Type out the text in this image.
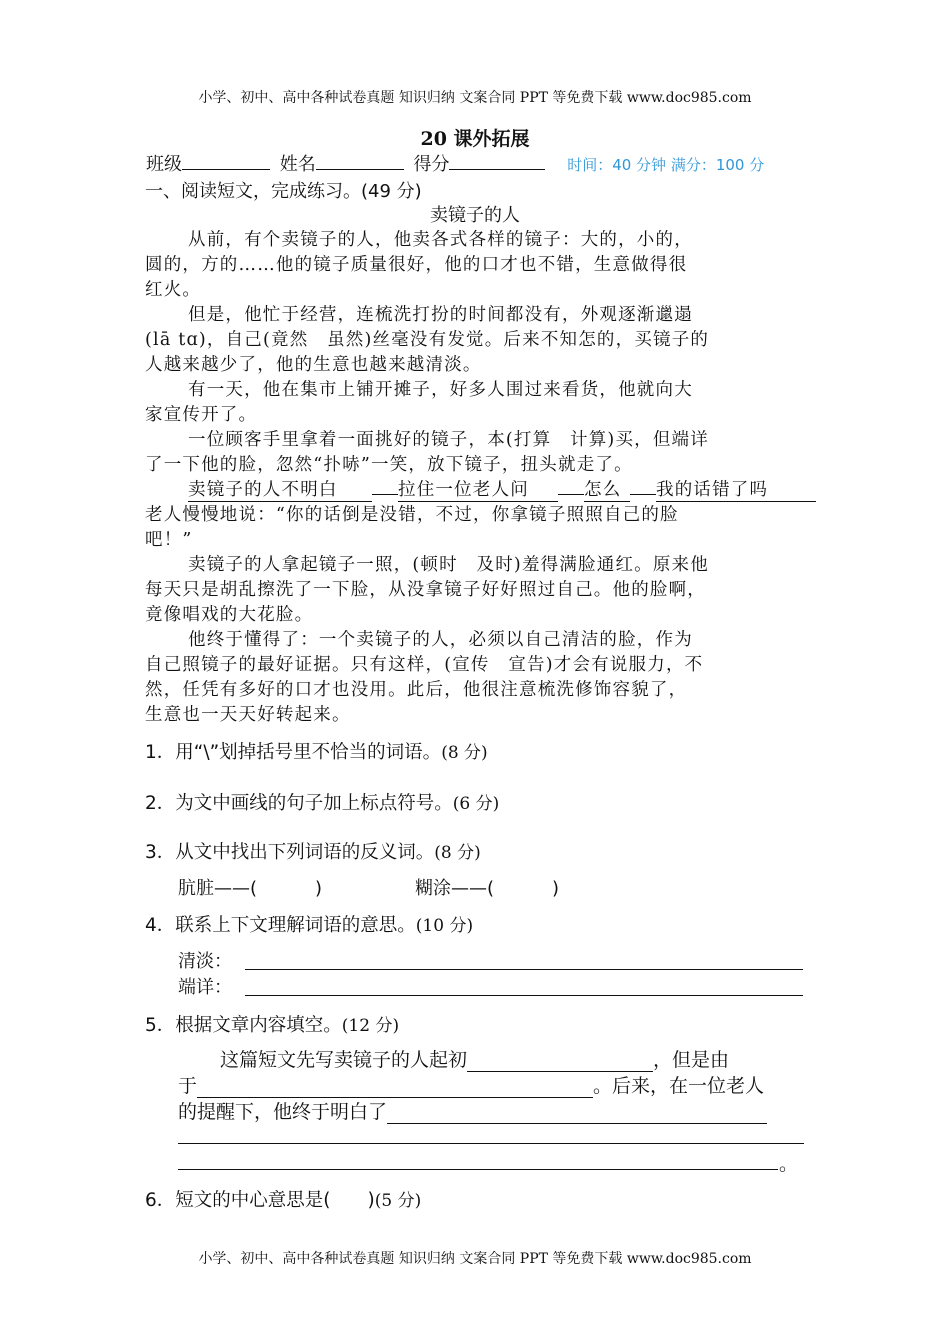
小学、初中、高中各种试卷真题 知识归纳 文案合同 PPT 等免费下载 www.doc985.com
20 课外拓展
班级	姓名	得分	时间：40 分钟 满分：100 分
一、阅读短文，完成练习。(49 分)
卖镜子的人
从前，有个卖镜子的人，他卖各式各样的镜子：大的，小的，
圆的，方的……他的镜子质量很好，他的口才也不错，生意做得很
红火。
但是，他忙于经营，连梳洗打扮的时间都没有，外观逐渐邋遢
(lā tɑ)，自己(竟然　虽然)丝毫没有发觉。后来不知怎的，买镜子的
人越来越少了，他的生意也越来越清淡。
有一天，他在集市上铺开摊子，好多人围过来看货，他就向大
家宣传开了。
一位顾客手里拿着一面挑好的镜子，本(打算　计算)买，但端详
了一下他的脸，忽然“扑哧”一笑，放下镜子，扭头就走了。
卖镜子的人不明白	拉住一位老人问	怎么 我的话错了吗
老人慢慢地说：“你的话倒是没错，不过，你拿镜子照照自己的脸
吧！”
卖镜子的人拿起镜子一照，(顿时　及时)羞得满脸通红。原来他
每天只是胡乱擦洗了一下脸，从没拿镜子好好照过自己。他的脸啊，
竟像唱戏的大花脸。
他终于懂得了：一个卖镜子的人，必须以自己清洁的脸，作为
自己照镜子的最好证据。只有这样，(宣传　宣告)才会有说服力，不
然，任凭有多好的口才也没用。此后，他很注意梳洗修饰容貌了，
生意也一天天好转起来。
1．用“\”划掉括号里不恰当的词语。(8 分)
2．为文中画线的句子加上标点符号。(6 分)
3．从文中找出下列词语的反义词。(8 分)
肮脏——(	)	糊涂——(	)
4．联系上下文理解词语的意思。(10 分)
清淡：
端详：
5．根据文章内容填空。(12 分)
这篇短文先写卖镜子的人起初	，但是由
于	。后来，在一位老人
的提醒下，他终于明白了
。
6．短文的中心意思是(　　)(5 分)
小学、初中、高中各种试卷真题 知识归纳 文案合同 PPT 等免费下载 www.doc985.com
